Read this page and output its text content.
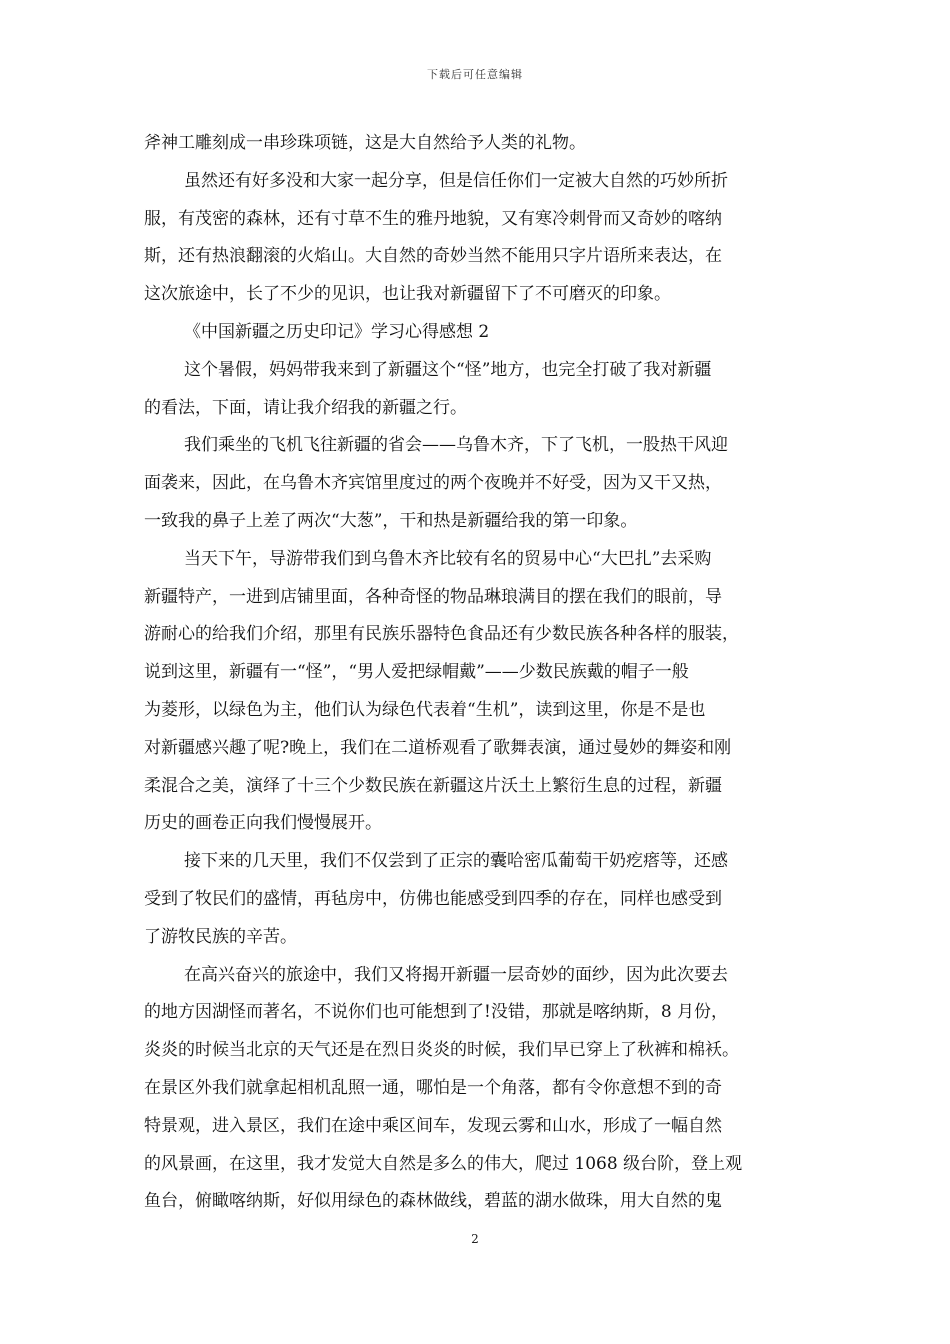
下载后可任意编辑

斧神工雕刻成一串珍珠项链，这是大自然给予人类的礼物。

虽然还有好多没和大家一起分享，但是信任你们一定被大自然的巧妙所折

服，有茂密的森林，还有寸草不生的雅丹地貌，又有寒冷刺骨而又奇妙的喀纳

斯，还有热浪翻滚的火焰山。大自然的奇妙当然不能用只字片语所来表达，在

这次旅途中，长了不少的见识，也让我对新疆留下了不可磨灭的印象。

《中国新疆之历史印记》学习心得感想 2

这个暑假，妈妈带我来到了新疆这个“怪”地方，也完全打破了我对新疆

的看法，下面，请让我介绍我的新疆之行。

我们乘坐的飞机飞往新疆的省会——乌鲁木齐，下了飞机，一股热干风迎

面袭来，因此，在乌鲁木齐宾馆里度过的两个夜晚并不好受，因为又干又热，

一致我的鼻子上差了两次“大葱”，干和热是新疆给我的第一印象。

当天下午，导游带我们到乌鲁木齐比较有名的贸易中心“大巴扎”去采购

新疆特产，一进到店铺里面，各种奇怪的物品琳琅满目的摆在我们的眼前，导

游耐心的给我们介绍，那里有民族乐器特色食品还有少数民族各种各样的服装，

说到这里，新疆有一“怪”，“男人爱把绿帽戴”——少数民族戴的帽子一般

为菱形，以绿色为主，他们认为绿色代表着“生机”，读到这里，你是不是也

对新疆感兴趣了呢?晚上，我们在二道桥观看了歌舞表演，通过曼妙的舞姿和刚

柔混合之美，演绎了十三个少数民族在新疆这片沃土上繁衍生息的过程，新疆

历史的画卷正向我们慢慢展开。

接下来的几天里，我们不仅尝到了正宗的囊哈密瓜葡萄干奶疙瘩等，还感

受到了牧民们的盛情，再毡房中，仿佛也能感受到四季的存在，同样也感受到

了游牧民族的辛苦。

在高兴奋兴的旅途中，我们又将揭开新疆一层奇妙的面纱，因为此次要去

的地方因湖怪而著名，不说你们也可能想到了!没错，那就是喀纳斯，8 月份，

炎炎的时候当北京的天气还是在烈日炎炎的时候，我们早已穿上了秋裤和棉袄。

在景区外我们就拿起相机乱照一通，哪怕是一个角落，都有令你意想不到的奇

特景观，进入景区，我们在途中乘区间车，发现云雾和山水，形成了一幅自然

的风景画，在这里，我才发觉大自然是多么的伟大，爬过 1068 级台阶，登上观

鱼台，俯瞰喀纳斯，好似用绿色的森林做线，碧蓝的湖水做珠，用大自然的鬼

2
